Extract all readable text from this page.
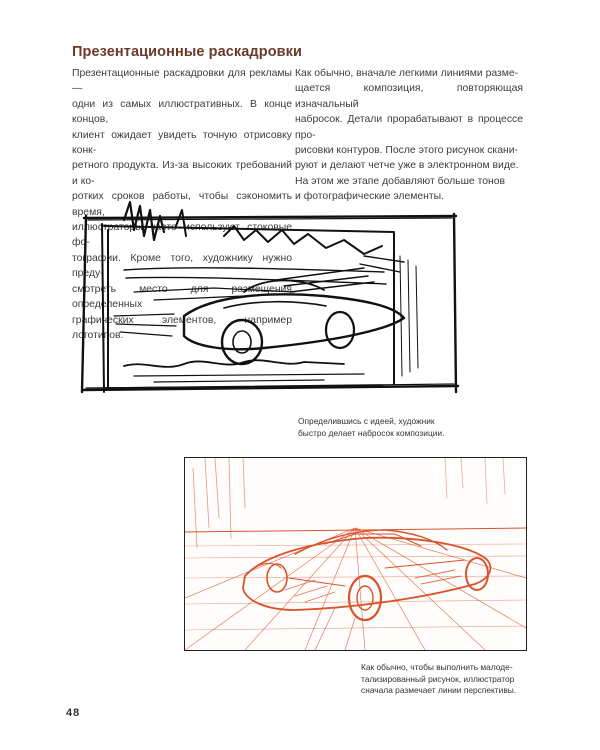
Презентационные раскадровки

Презентационные раскадровки для рекламы —

одни из самых иллюстративных. В конце концов,

клиент ожидает увидеть точную отрисовку конк-

ретного продукта. Из-за высоких требований и ко-

ротких сроков работы, чтобы сэкономить время,

иллюстраторы часто используют стоковые фо-

тографии. Кроме того, художнику нужно преду-

смотреть место для размещения определенных

графических элементов, например логотипов.

Как обычно, вначале легкими линиями разме-

щается композиция, повторяющая изначальный

набросок. Детали прорабатывают в процессе про-

рисовки контуров. После этого рисунок скани-

руют и делают четче уже в электронном виде.

На этом же этапе добавляют больше тонов

и фотографические элементы.

Определившись с идеей, художник
быстро делает набросок композиции.
Как обычно, чтобы выполнить малоде-
тализированный рисунок, иллюстратор
сначала размечает линии перспективы.
48
